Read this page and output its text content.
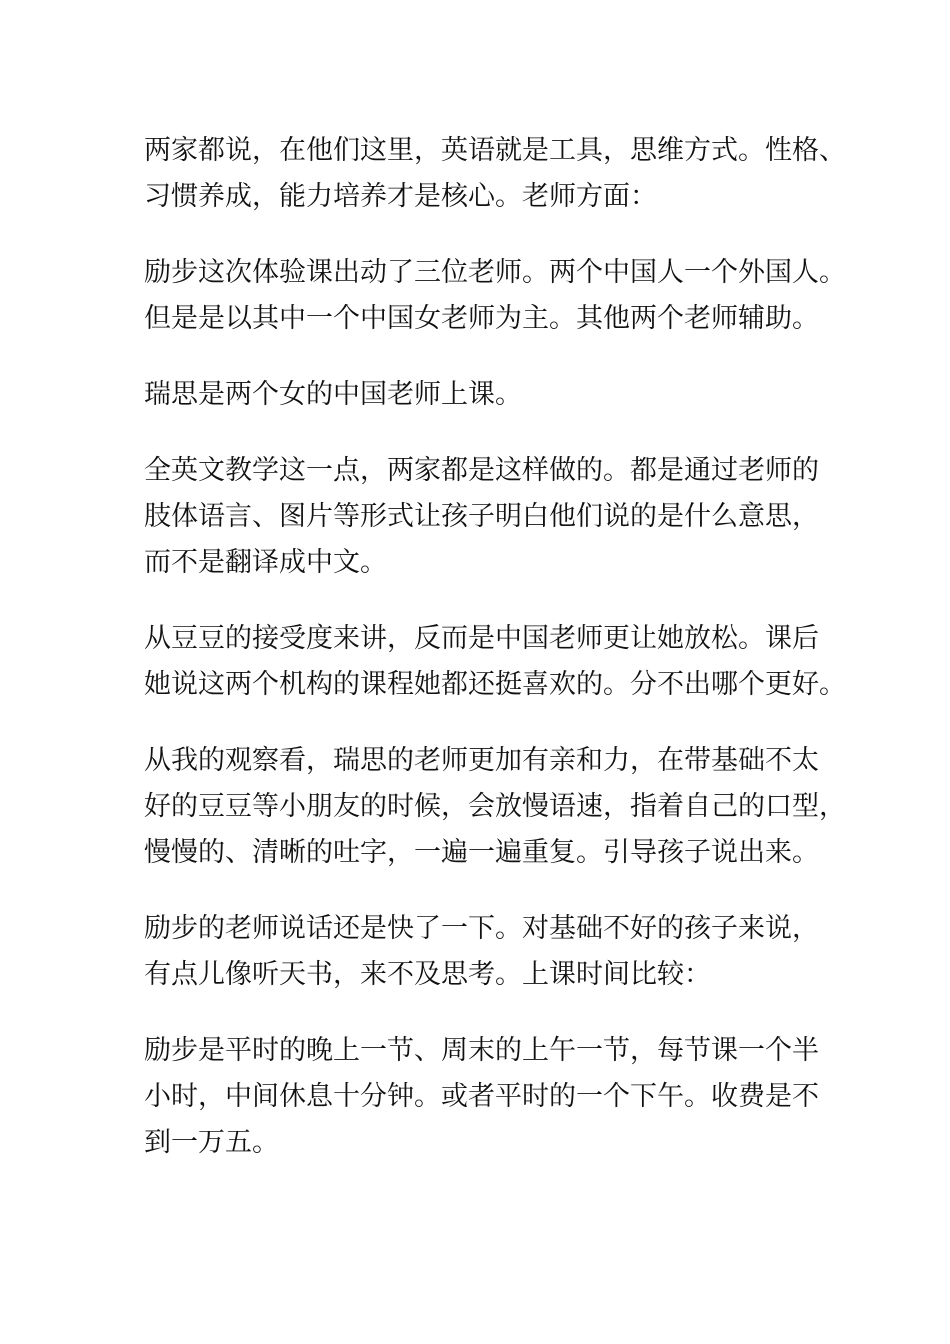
两家都说，在他们这里，英语就是工具，思维方式。性格、
习惯养成，能力培养才是核心。老师方面：

励步这次体验课出动了三位老师。两个中国人一个外国人。
但是是以其中一个中国女老师为主。其他两个老师辅助。

瑞思是两个女的中国老师上课。

全英文教学这一点，两家都是这样做的。都是通过老师的
肢体语言、图片等形式让孩子明白他们说的是什么意思，
而不是翻译成中文。

从豆豆的接受度来讲，反而是中国老师更让她放松。课后
她说这两个机构的课程她都还挺喜欢的。分不出哪个更好。

从我的观察看，瑞思的老师更加有亲和力，在带基础不太
好的豆豆等小朋友的时候，会放慢语速，指着自己的口型，
慢慢的、清晰的吐字，一遍一遍重复。引导孩子说出来。

励步的老师说话还是快了一下。对基础不好的孩子来说，
有点儿像听天书，来不及思考。上课时间比较：

励步是平时的晚上一节、周末的上午一节，每节课一个半
小时，中间休息十分钟。或者平时的一个下午。收费是不
到一万五。
